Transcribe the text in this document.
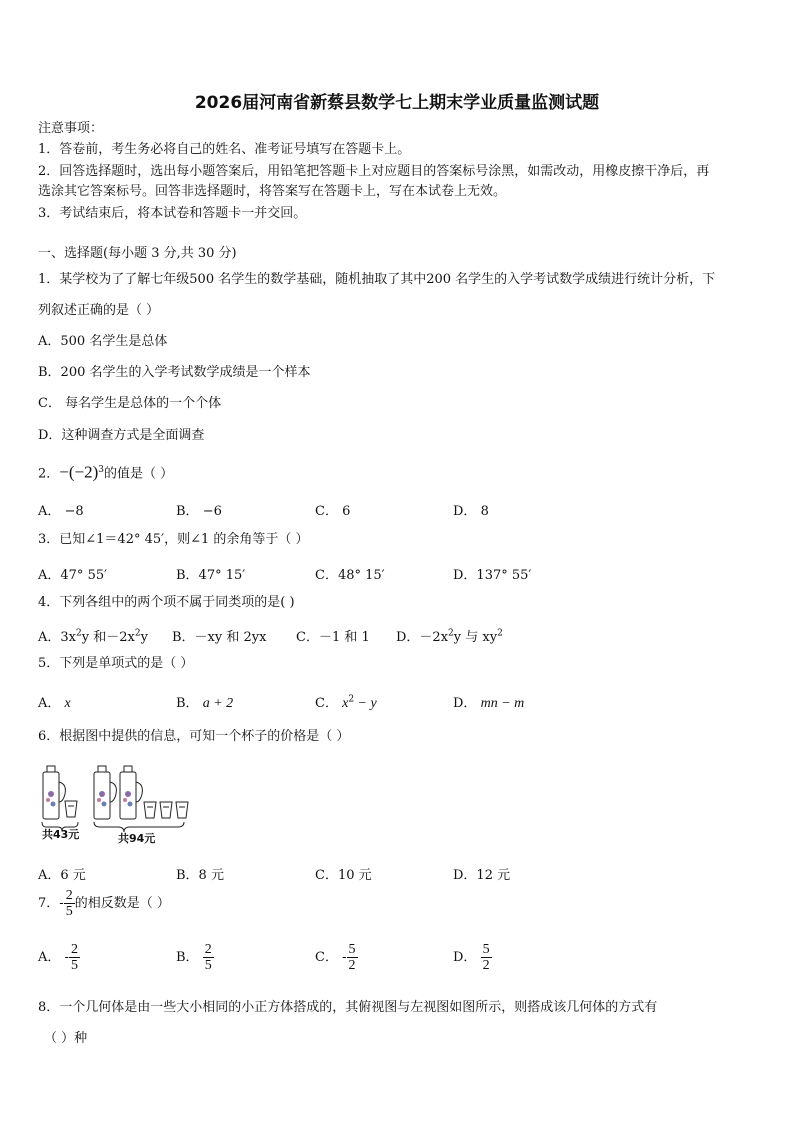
2026届河南省新蔡县数学七上期末学业质量监测试题
注意事项：
1．答卷前，考生务必将自己的姓名、准考证号填写在答题卡上。
2．回答选择题时，选出每小题答案后，用铅笔把答题卡上对应题目的答案标号涂黑，如需改动，用橡皮擦干净后，再
选涂其它答案标号。回答非选择题时，将答案写在答题卡上，写在本试卷上无效。
3．考试结束后，将本试卷和答题卡一并交回。
一、选择题(每小题 3 分,共 30 分)
1．某学校为了了解七年级500 名学生的数学基础，随机抽取了其中200 名学生的入学考试数学成绩进行统计分析，下
列叙述正确的是（ ）
A．500 名学生是总体
B．200 名学生的入学考试数学成绩是一个样本
C． 每名学生是总体的一个个体
D．这种调查方式是全面调查
2．$-(-2)^3$的值是（ ）
A． −8	B． −6	C． 6	D． 8
3．已知∠1＝42° 45′，则∠1 的余角等于（ ）
A．47° 55′	B．47° 15′	C．48° 15′	D．137° 55′
4．下列各组中的两个项不属于同类项的是( )
A．$3x^2y$ 和$-2x^2y$ B．－xy 和 2yx C．－1 和 1 D．$-2x^2y$ 与 $xy^2$
5．下列是单项式的是（ ）
A． x	B． a + 2	C． $x^2 - y$	D． mn − m
6．根据图中提供的信息，可知一个杯子的价格是（ ）
共43元	共94元
A．6 元	B．8 元	C．10 元	D．12 元
7．- $\frac{2}{5}$ 的相反数是（ ）
A． - $\frac{2}{5}$	B． $\frac{2}{5}$	C． - $\frac{5}{2}$	D． $\frac{5}{2}$
8．一个几何体是由一些大小相同的小正方体搭成的，其俯视图与左视图如图所示，则搭成该几何体的方式有
（ ）种
